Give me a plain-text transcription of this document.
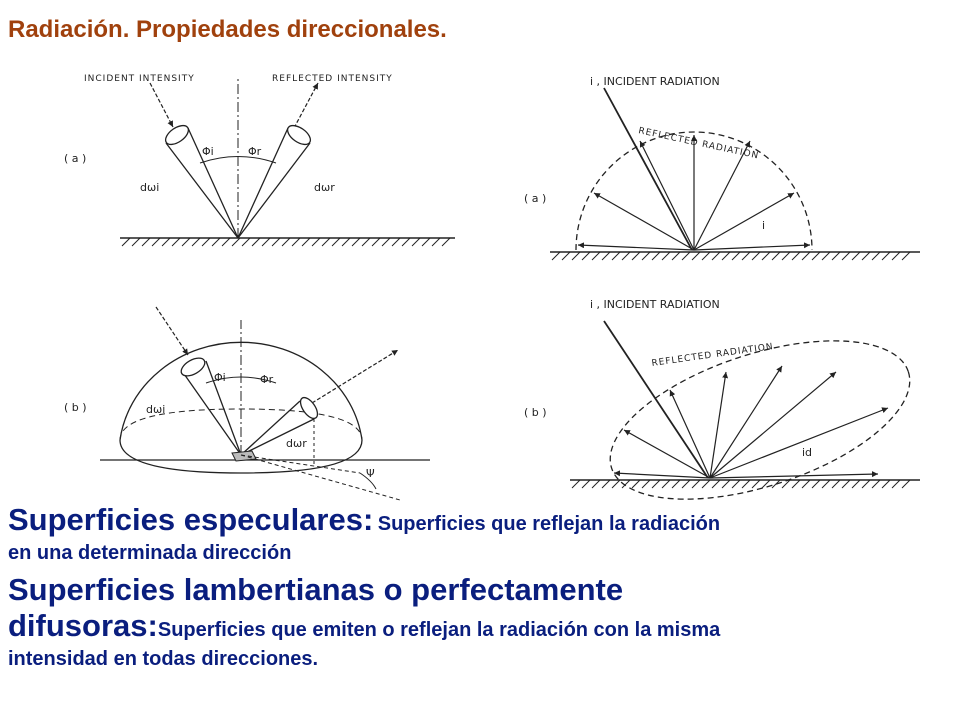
Radiación. Propiedades direccionales.
INCIDENT INTENSITY	REFLECTED INTENSITY
( a )
Φi	Φr
dωi	dωr
( b )
Φi	Φr
dωi
dωr
Ψ
i , INCIDENT RADIATION
REFLECTED RADIATION
( a )
i
i , INCIDENT RADIATION
REFLECTED RADIATION
( b )
id
Superficies especulares: Superficies que reflejan la radiación
en una determinada dirección
Superficies lambertianas o perfectamente
difusoras:Superficies que emiten o reflejan la radiación con la misma
intensidad en todas direcciones.
